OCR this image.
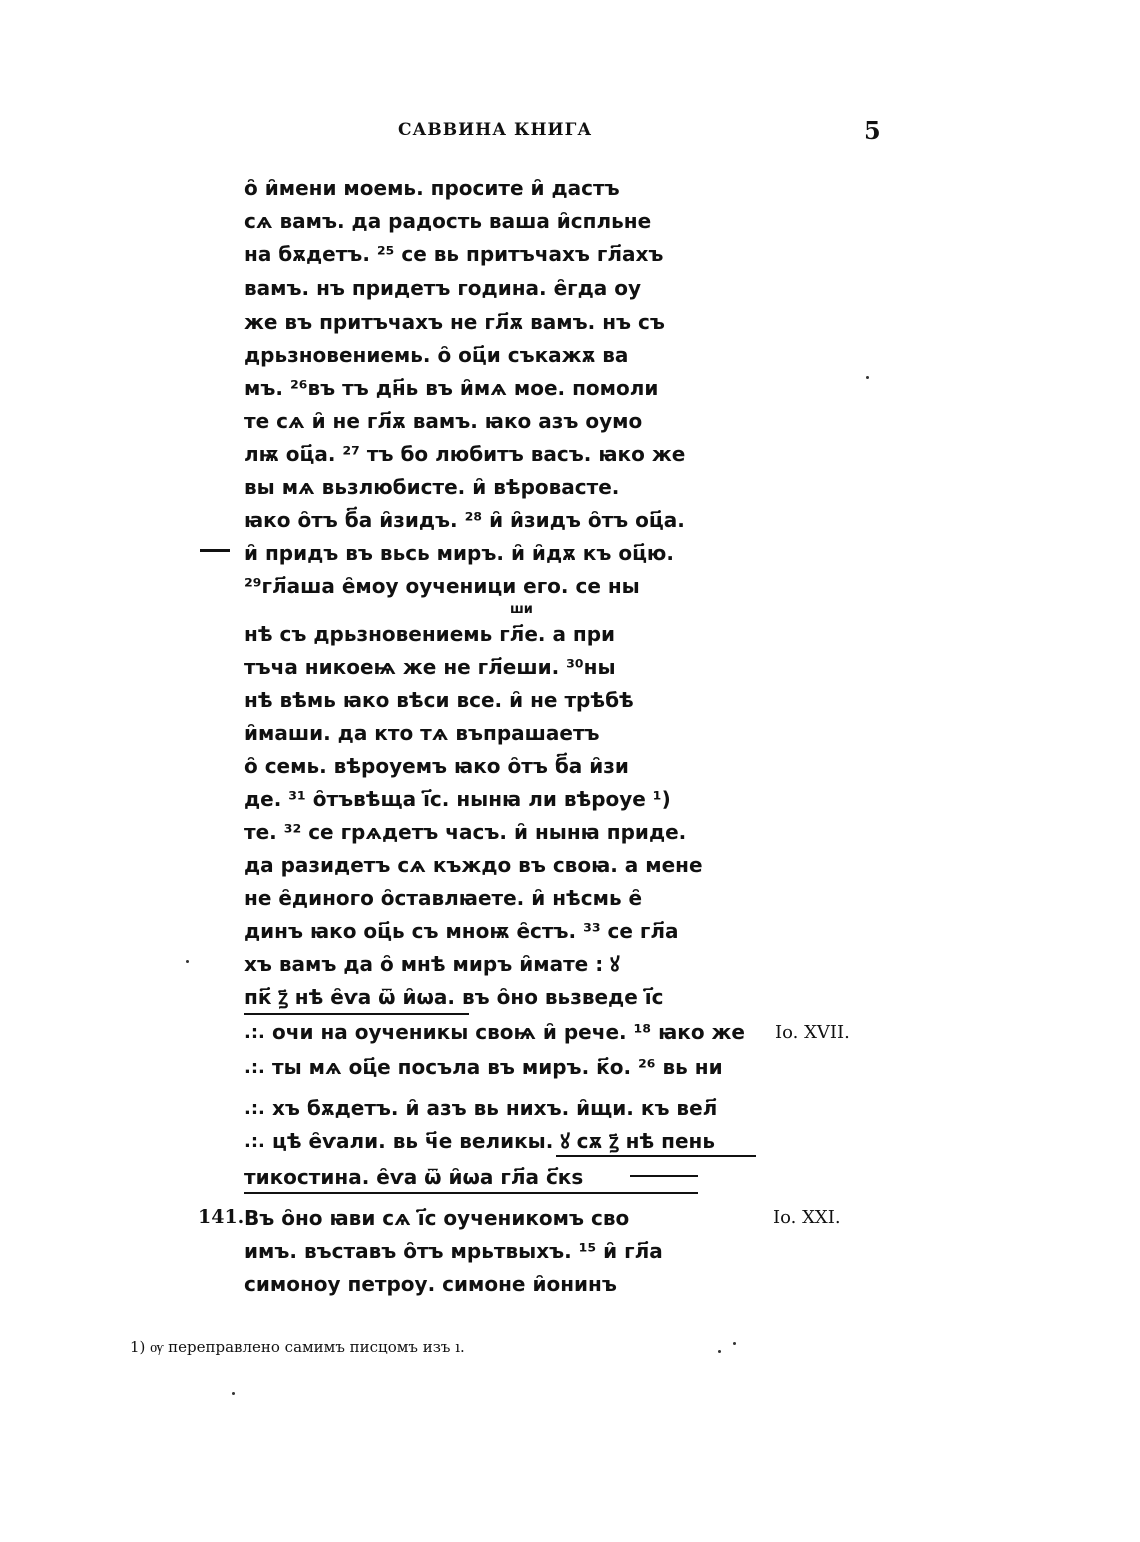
САВВИНА КНИГА	5
о̑ и̑мени моемь. просите и̑ дастъ
сѧ вамъ. да радость ваша и̑спльне
на бѫдетъ. ²⁵ се вь притъчахъ гл҃ахъ
вамъ. нъ придетъ година. е̑гда оу
же въ притъчахъ не гл҃ѫ вамъ. нъ съ
дрьзновениемь. о̑ оц҃и съкажѫ ва
мъ. ²⁶въ тъ дн҃ь въ и̑мѧ мое. помоли
те сѧ и̑ не гл҃ѫ вамъ. ꙗко азъ оумо
лѭ оц҃а. ²⁷ тъ бо любитъ васъ. ꙗко же
вы мѧ вьзлюбисте. и̑ вѣровасте.
ꙗко о̑тъ б҃а и̑зидъ. ²⁸ и̑ и̑зидъ о̑тъ оц҃а.
и̑ придъ въ вьсь миръ. и̑ и̑дѫ къ оц҃ю.
²⁹гл҃аша е̑моу оученици его. се ны
ши
нѣ съ дрьзновениемь гл҃е. а при
тъча никоеѩ же не гл҃еши. ³⁰ны
нѣ вѣмь ꙗко вѣси все. и̑ не трѣбѣ
и̑маши. да кто тѧ въпрашаетъ
о̑ семь. вѣроуемъ ꙗко о̑тъ б҃а и̑зи
де. ³¹ о̑тъвѣща і҃с. нынꙗ ли вѣроуе ¹)
те. ³² се грѧдетъ часъ. и̑ нынꙗ приде.
да разидетъ сѧ къждо въ своꙗ. а мене
не е̑диного о̑ставлꙗете. и̑ нѣсмь е̑
динъ ꙗко оц҃ь съ мноѭ е̑стъ. ³³ се гл҃а
хъ вамъ да о̑ мнѣ миръ и̑мате : ꙋ
пк҃ ꙁ҃ нѣ е̑ѵа ѿ и̑ѡа. въ о̑но вьзведе і҃с
.:. очи на оученикы своѩ и̑ рече. ¹⁸ ꙗко же Io. XVII.
.:. ты мѧ оц҃е посъла въ миръ. к҃о. ²⁶ вь ни
.:. хъ бѫдетъ. и̑ азъ вь нихъ. и̑щи. къ вел҃
.:. цѣ е̑ѵали. вь ч҃е великы. ꙋ сѫ ꙁ҃ нѣ пень
тикостина. е̑ѵа ѿ и̑ѡа гл҃а с҃кѕ
141. Въ о̑но ꙗви сѧ і҃с оученикомъ сво	Io. XXI.
имъ. въставъ о̑тъ мрьтвыхъ. ¹⁵ и̑ гл҃а
симоноу петроу. симоне и̑онинъ
1) ѹ переправлено самимъ писцомъ изъ ı.
